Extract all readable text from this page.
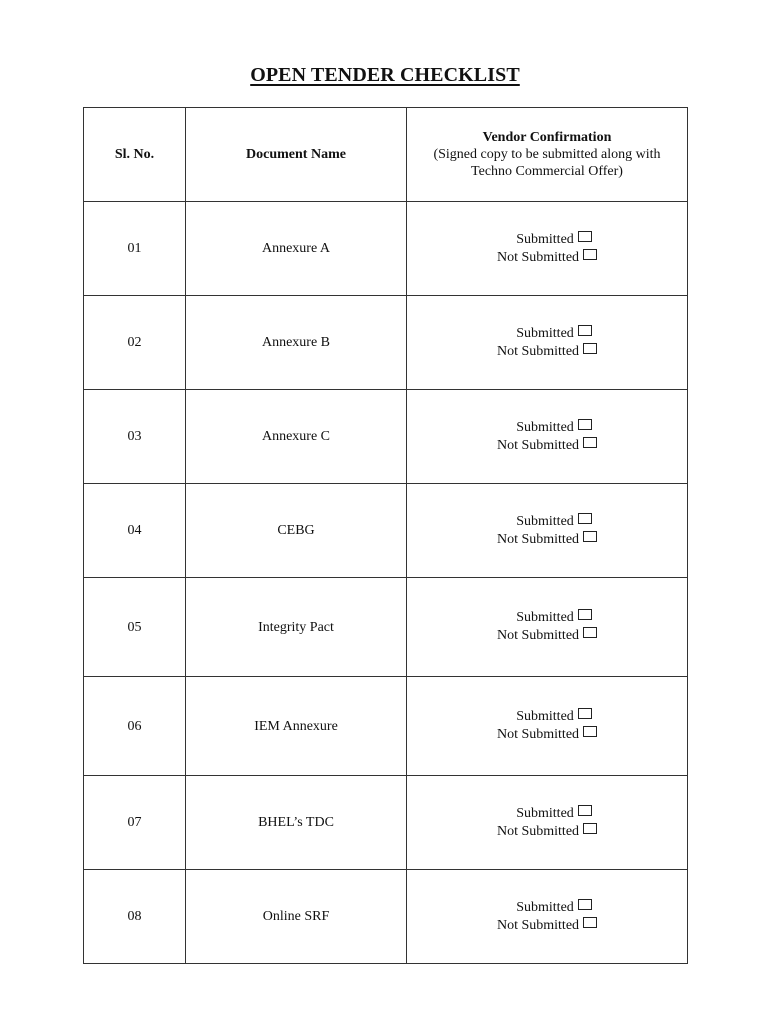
OPEN TENDER CHECKLIST
Sl. No.	Document Name	Vendor Confirmation
(Signed copy to be submitted along with
Techno Commercial Offer)

01	Annexure A	Submitted
Not Submitted

02	Annexure B	Submitted
Not Submitted

03	Annexure C	Submitted
Not Submitted

04	CEBG	Submitted
Not Submitted

05	Integrity Pact	Submitted
Not Submitted

06	IEM Annexure	Submitted
Not Submitted

07	BHEL’s TDC	Submitted
Not Submitted

08	Online SRF	Submitted
Not Submitted
